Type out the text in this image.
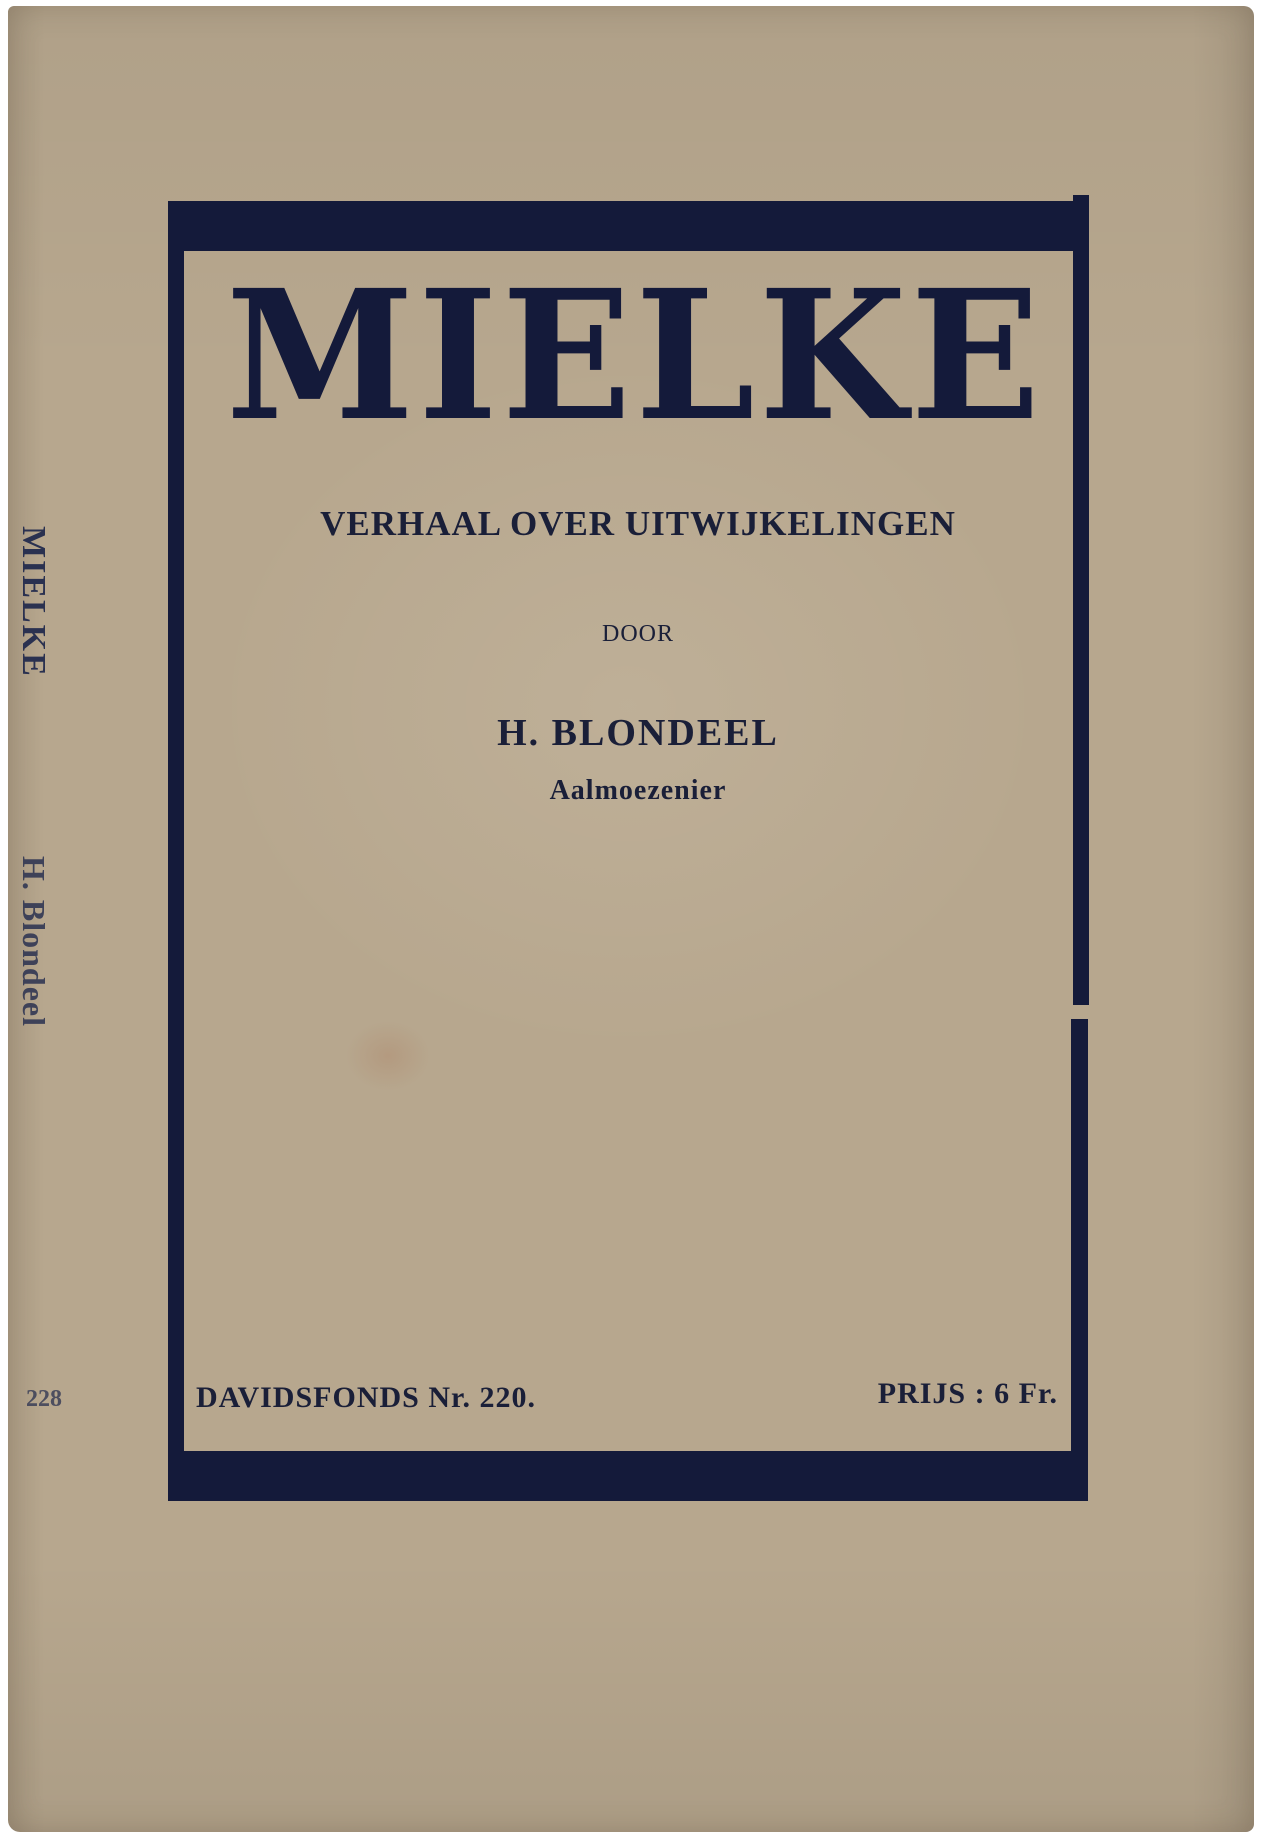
MIELKE
H. Blondeel
228
MIELKE
VERHAAL OVER UITWIJKELINGEN
DOOR
H. BLONDEEL
Aalmoezenier
DAVIDSFONDS Nr. 220.	PRIJS : 6 Fr.
